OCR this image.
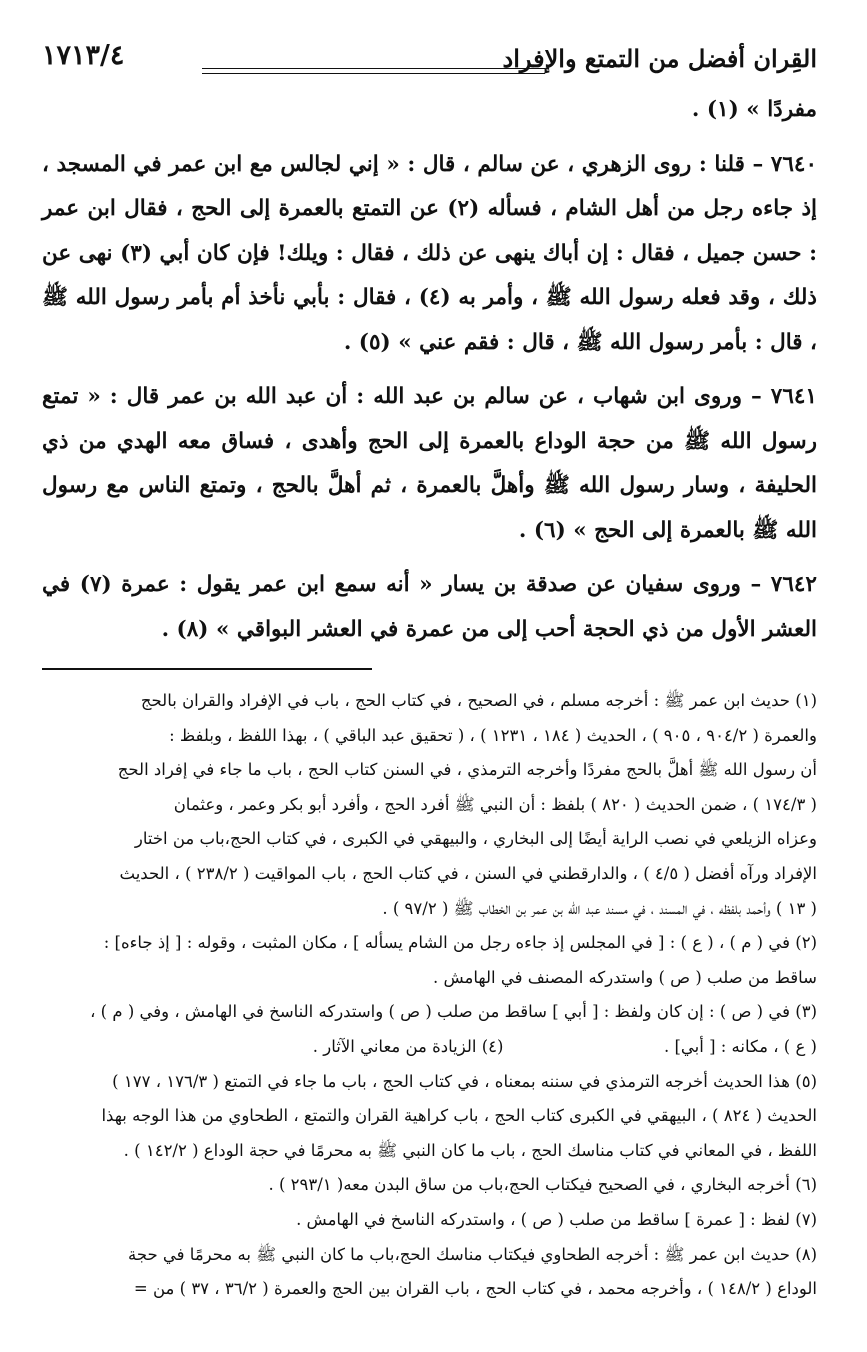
القِران أفضل من التمتع والإفراد
١٧١٣/٤

مفردًا » (١) .

٧٦٤٠ – قلنا : روى الزهري ، عن سالم ، قال : « إني لجالس مع ابن عمر في المسجد ، إذ جاءه رجل من أهل الشام ، فسأله (٢) عن التمتع بالعمرة إلى الحج ، فقال ابن عمر : حسن جميل ، فقال : إن أباك ينهى عن ذلك ، فقال : ويلك! فإن كان أبي (٣) نهى عن ذلك ، وقد فعله رسول الله ﷺ ، وأمر به (٤) ، فقال : بأبي نأخذ أم بأمر رسول الله ﷺ ، قال : بأمر رسول الله ﷺ ، قال : فقم عني » (٥) .

٧٦٤١ – وروى ابن شهاب ، عن سالم بن عبد الله : أن عبد الله بن عمر قال : « تمتع رسول الله ﷺ من حجة الوداع بالعمرة إلى الحج وأهدى ، فساق معه الهدي من ذي الحليفة ، وسار رسول الله ﷺ وأهلَّ بالعمرة ، ثم أهلَّ بالحج ، وتمتع الناس مع رسول الله ﷺ بالعمرة إلى الحج » (٦) .

٧٦٤٢ – وروى سفيان عن صدقة بن يسار « أنه سمع ابن عمر يقول : عمرة (٧) في العشر الأول من ذي الحجة أحب إلى من عمرة في العشر البواقي » (٨) .

(١) حديث ابن عمر ﷺ : أخرجه مسلم ، في الصحيح ، في كتاب الحج ، باب في الإفراد والقران بالحج

والعمرة ( ٩٠٤/٢ ، ٩٠٥ ) ، الحديث ( ١٨٤ ، ١٢٣١ ) ، ( تحقيق عبد الباقي ) ، بهذا اللفظ ، وبلفظ :

أن رسول الله ﷺ أهلَّ بالحج مفردًا وأخرجه الترمذي ، في السنن كتاب الحج ، باب ما جاء في إفراد الحج

( ١٧٤/٣ ) ، ضمن الحديث ( ٨٢٠ ) بلفظ : أن النبي ﷺ أفرد الحج ، وأفرد أبو بكر وعمر ، وعثمان

وعزاه الزيلعي في نصب الراية أيضًا إلى البخاري ، والبيهقي في الكبرى ، في كتاب الحج،باب من اختار

الإفراد ورآه أفضل ( ٤/٥ ) ، والدارقطني في السنن ، في كتاب الحج ، باب المواقيت ( ٢٣٨/٢ ) ، الحديث

( ١٣ ) وأحمد بلفظه ، في المسند ، في مسند عبد الله بن عمر بن الخطاب ﷺ ( ٩٧/٢ ) .

(٢) في ( م ) ، ( ع ) : [ في المجلس إذ جاءه رجل من الشام يسأله ] ، مكان المثبت ، وقوله : [ إذ جاءه] :

ساقط من صلب ( ص ) واستدركه المصنف في الهامش .

(٣) في ( ص ) : إن كان ولفظ : [ أبي ] ساقط من صلب ( ص ) واستدركه الناسخ في الهامش ، وفي ( م ) ،

( ع ) ، مكانه : [ أبي] .  (٤) الزيادة من معاني الآثار .

(٥) هذا الحديث أخرجه الترمذي في سننه بمعناه ، في كتاب الحج ، باب ما جاء في التمتع ( ١٧٦/٣ ، ١٧٧ )

الحديث ( ٨٢٤ ) ، البيهقي في الكبرى كتاب الحج ، باب كراهية القران والتمتع ، الطحاوي من هذا الوجه بهذا

اللفظ ، في المعاني في كتاب مناسك الحج ، باب ما كان النبي ﷺ به محرمًا في حجة الوداع ( ١٤٢/٢ ) .

(٦) أخرجه البخاري ، في الصحيح فيكتاب الحج،باب من ساق البدن معه( ٢٩٣/١ ) .

(٧) لفظ : [ عمرة ] ساقط من صلب ( ص ) ، واستدركه الناسخ في الهامش .

(٨) حديث ابن عمر ﷺ : أخرجه الطحاوي فيكتاب مناسك الحج،باب ما كان النبي ﷺ به محرمًا في حجة

الوداع ( ١٤٨/٢ ) ، وأخرجه محمد ، في كتاب الحج ، باب القران بين الحج والعمرة ( ٣٦/٢ ، ٣٧ ) من =
